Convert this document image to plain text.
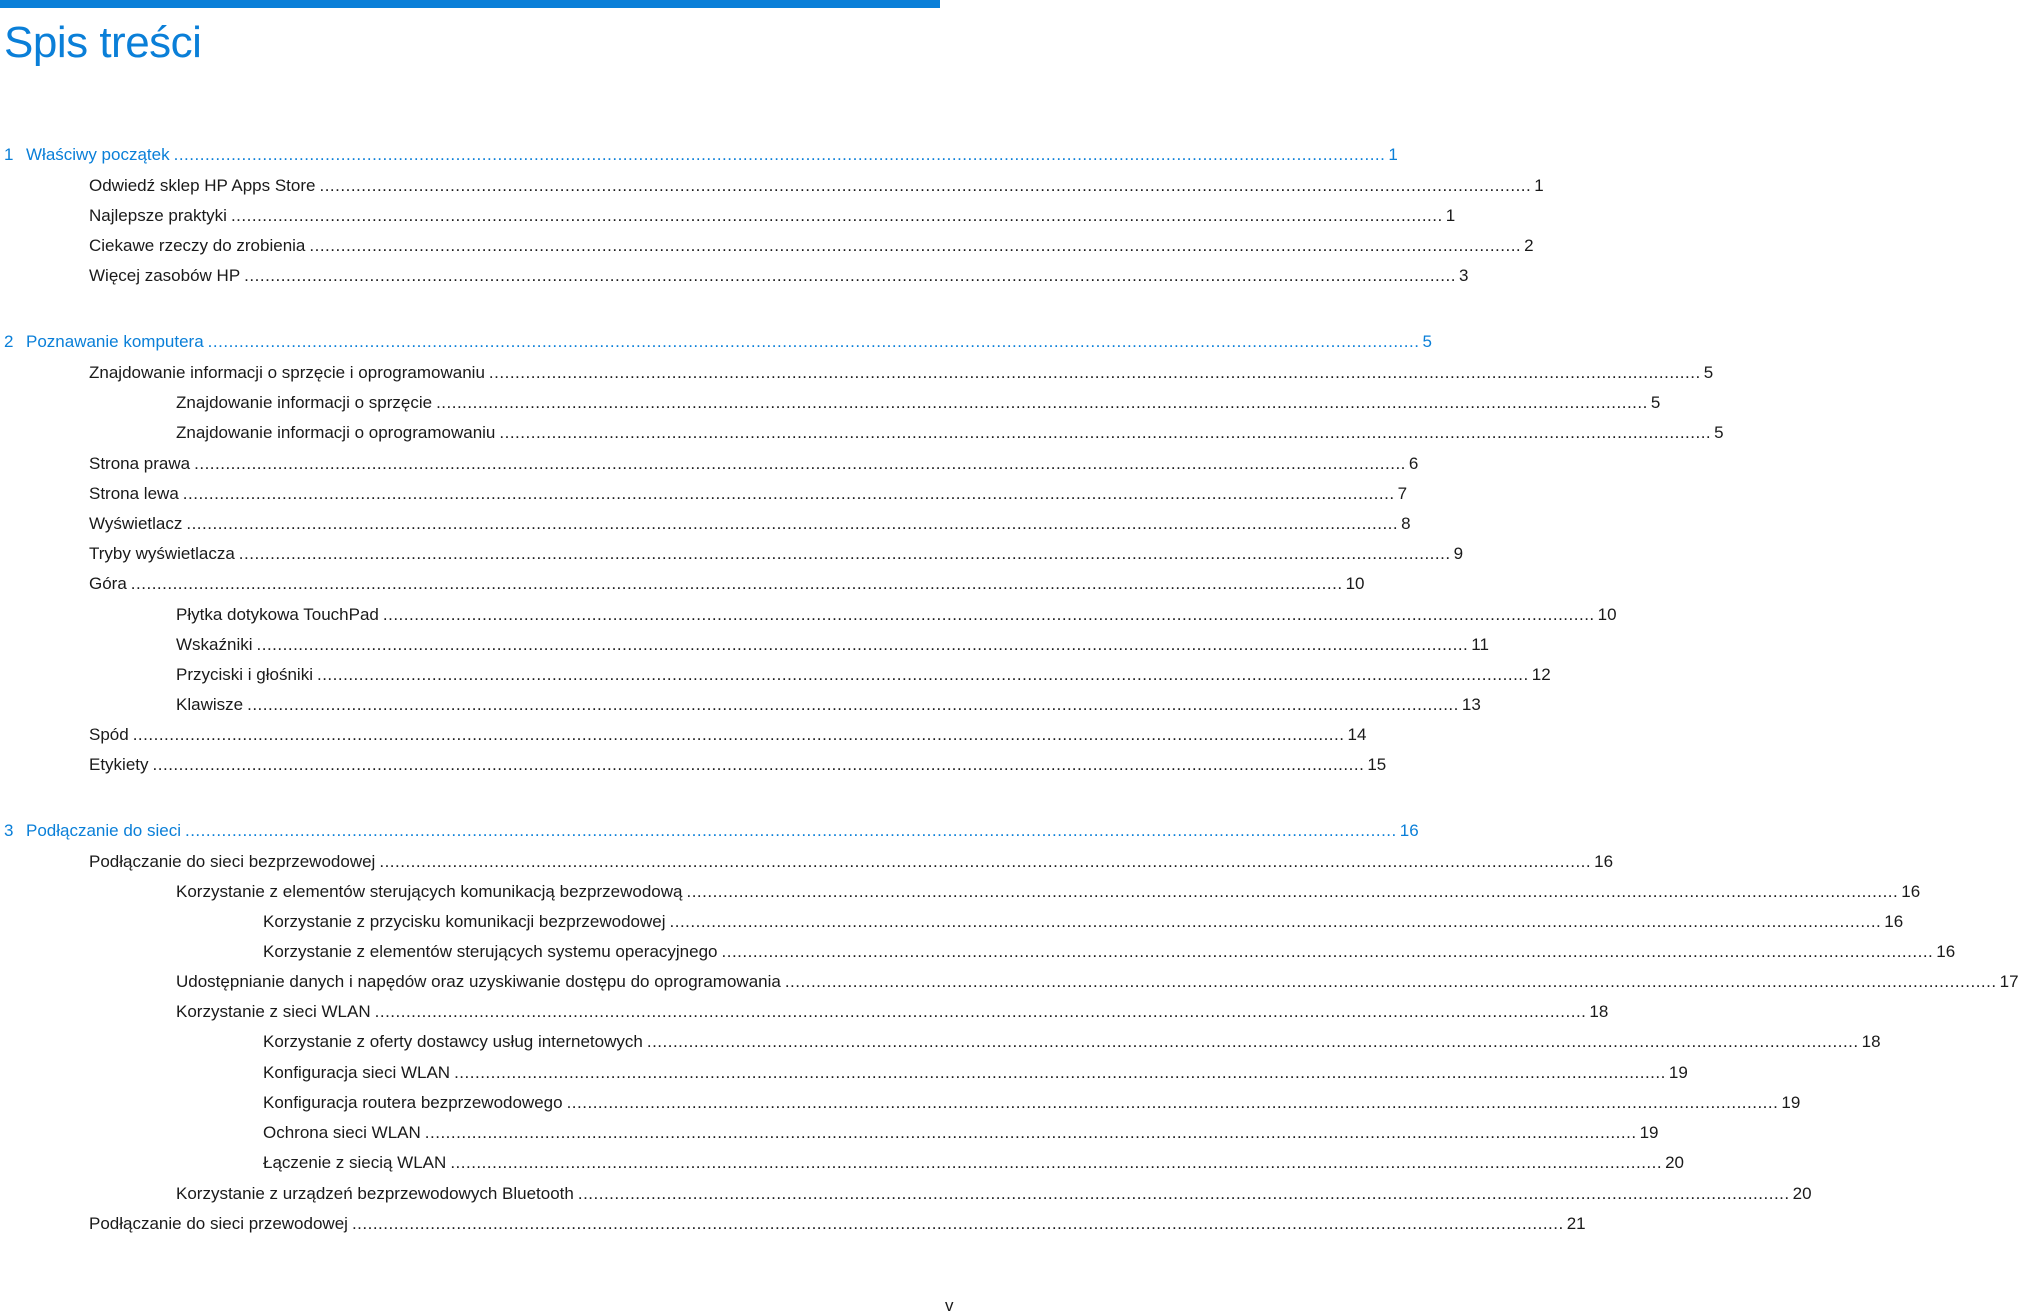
Spis treści
1 Właściwy początek ........................................................................................................................................................................................................................................ 1
Odwiedź sklep HP Apps Store ........................................................................................................................................................................................................................................ 1
Najlepsze praktyki ........................................................................................................................................................................................................................................ 1
Ciekawe rzeczy do zrobienia ........................................................................................................................................................................................................................................ 2
Więcej zasobów HP ........................................................................................................................................................................................................................................ 3
2 Poznawanie komputera ........................................................................................................................................................................................................................................ 5
Znajdowanie informacji o sprzęcie i oprogramowaniu ........................................................................................................................................................................................................................................ 5
Znajdowanie informacji o sprzęcie ........................................................................................................................................................................................................................................ 5
Znajdowanie informacji o oprogramowaniu ........................................................................................................................................................................................................................................ 5
Strona prawa ........................................................................................................................................................................................................................................ 6
Strona lewa ........................................................................................................................................................................................................................................ 7
Wyświetlacz ........................................................................................................................................................................................................................................ 8
Tryby wyświetlacza ........................................................................................................................................................................................................................................ 9
Góra ........................................................................................................................................................................................................................................ 10
Płytka dotykowa TouchPad ........................................................................................................................................................................................................................................ 10
Wskaźniki ........................................................................................................................................................................................................................................ 11
Przyciski i głośniki ........................................................................................................................................................................................................................................ 12
Klawisze ........................................................................................................................................................................................................................................ 13
Spód ........................................................................................................................................................................................................................................ 14
Etykiety ........................................................................................................................................................................................................................................ 15
3 Podłączanie do sieci ........................................................................................................................................................................................................................................ 16
Podłączanie do sieci bezprzewodowej ........................................................................................................................................................................................................................................ 16
Korzystanie z elementów sterujących komunikacją bezprzewodową ........................................................................................................................................................................................................................................ 16
Korzystanie z przycisku komunikacji bezprzewodowej ........................................................................................................................................................................................................................................ 16
Korzystanie z elementów sterujących systemu operacyjnego ........................................................................................................................................................................................................................................ 16
Udostępnianie danych i napędów oraz uzyskiwanie dostępu do oprogramowania ........................................................................................................................................................................................................................................ 17
Korzystanie z sieci WLAN ........................................................................................................................................................................................................................................ 18
Korzystanie z oferty dostawcy usług internetowych ........................................................................................................................................................................................................................................ 18
Konfiguracja sieci WLAN ........................................................................................................................................................................................................................................ 19
Konfiguracja routera bezprzewodowego ........................................................................................................................................................................................................................................ 19
Ochrona sieci WLAN ........................................................................................................................................................................................................................................ 19
Łączenie z siecią WLAN ........................................................................................................................................................................................................................................ 20
Korzystanie z urządzeń bezprzewodowych Bluetooth ........................................................................................................................................................................................................................................ 20
Podłączanie do sieci przewodowej ........................................................................................................................................................................................................................................ 21
v
